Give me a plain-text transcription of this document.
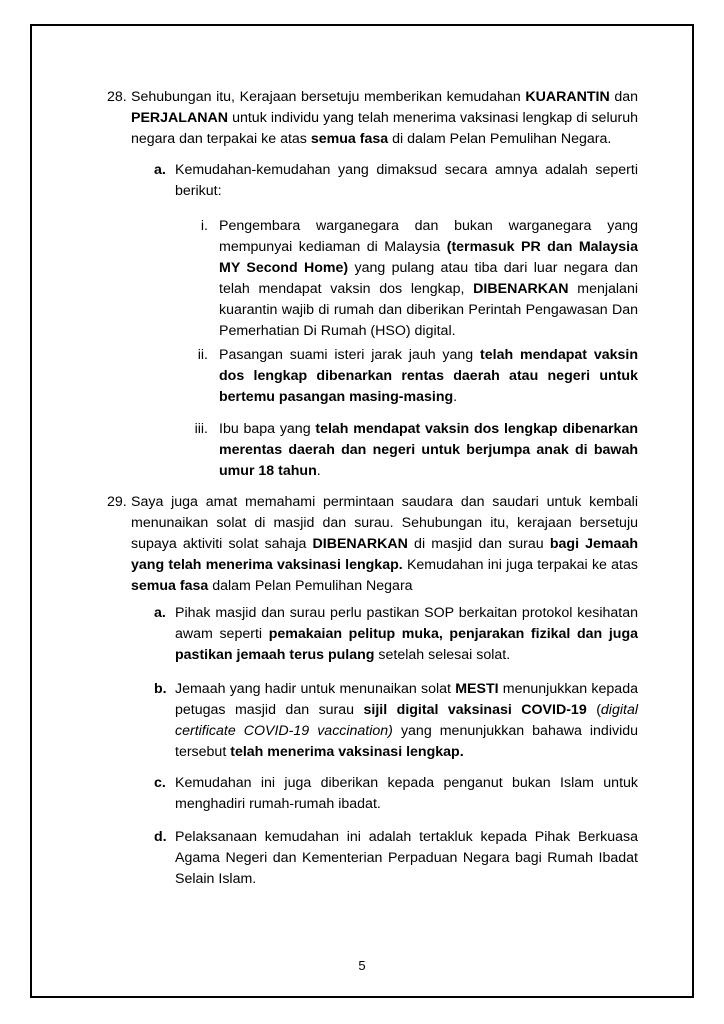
28. Sehubungan itu, Kerajaan bersetuju memberikan kemudahan KUARANTIN dan PERJALANAN untuk individu yang telah menerima vaksinasi lengkap di seluruh negara dan terpakai ke atas semua fasa di dalam Pelan Pemulihan Negara.
a. Kemudahan-kemudahan yang dimaksud secara amnya adalah seperti berikut:
i. Pengembara warganegara dan bukan warganegara yang mempunyai kediaman di Malaysia (termasuk PR dan Malaysia MY Second Home) yang pulang atau tiba dari luar negara dan telah mendapat vaksin dos lengkap, DIBENARKAN menjalani kuarantin wajib di rumah dan diberikan Perintah Pengawasan Dan Pemerhatian Di Rumah (HSO) digital.
ii. Pasangan suami isteri jarak jauh yang telah mendapat vaksin dos lengkap dibenarkan rentas daerah atau negeri untuk bertemu pasangan masing-masing.
iii. Ibu bapa yang telah mendapat vaksin dos lengkap dibenarkan merentas daerah dan negeri untuk berjumpa anak di bawah umur 18 tahun.
29. Saya juga amat memahami permintaan saudara dan saudari untuk kembali menunaikan solat di masjid dan surau. Sehubungan itu, kerajaan bersetuju supaya aktiviti solat sahaja DIBENARKAN di masjid dan surau bagi Jemaah yang telah menerima vaksinasi lengkap. Kemudahan ini juga terpakai ke atas semua fasa dalam Pelan Pemulihan Negara
a. Pihak masjid dan surau perlu pastikan SOP berkaitan protokol kesihatan awam seperti pemakaian pelitup muka, penjarakan fizikal dan juga pastikan jemaah terus pulang setelah selesai solat.
b. Jemaah yang hadir untuk menunaikan solat MESTI menunjukkan kepada petugas masjid dan surau sijil digital vaksinasi COVID-19 (digital certificate COVID-19 vaccination) yang menunjukkan bahawa individu tersebut telah menerima vaksinasi lengkap.
c. Kemudahan ini juga diberikan kepada penganut bukan Islam untuk menghadiri rumah-rumah ibadat.
d. Pelaksanaan kemudahan ini adalah tertakluk kepada Pihak Berkuasa Agama Negeri dan Kementerian Perpaduan Negara bagi Rumah Ibadat Selain Islam.
5
